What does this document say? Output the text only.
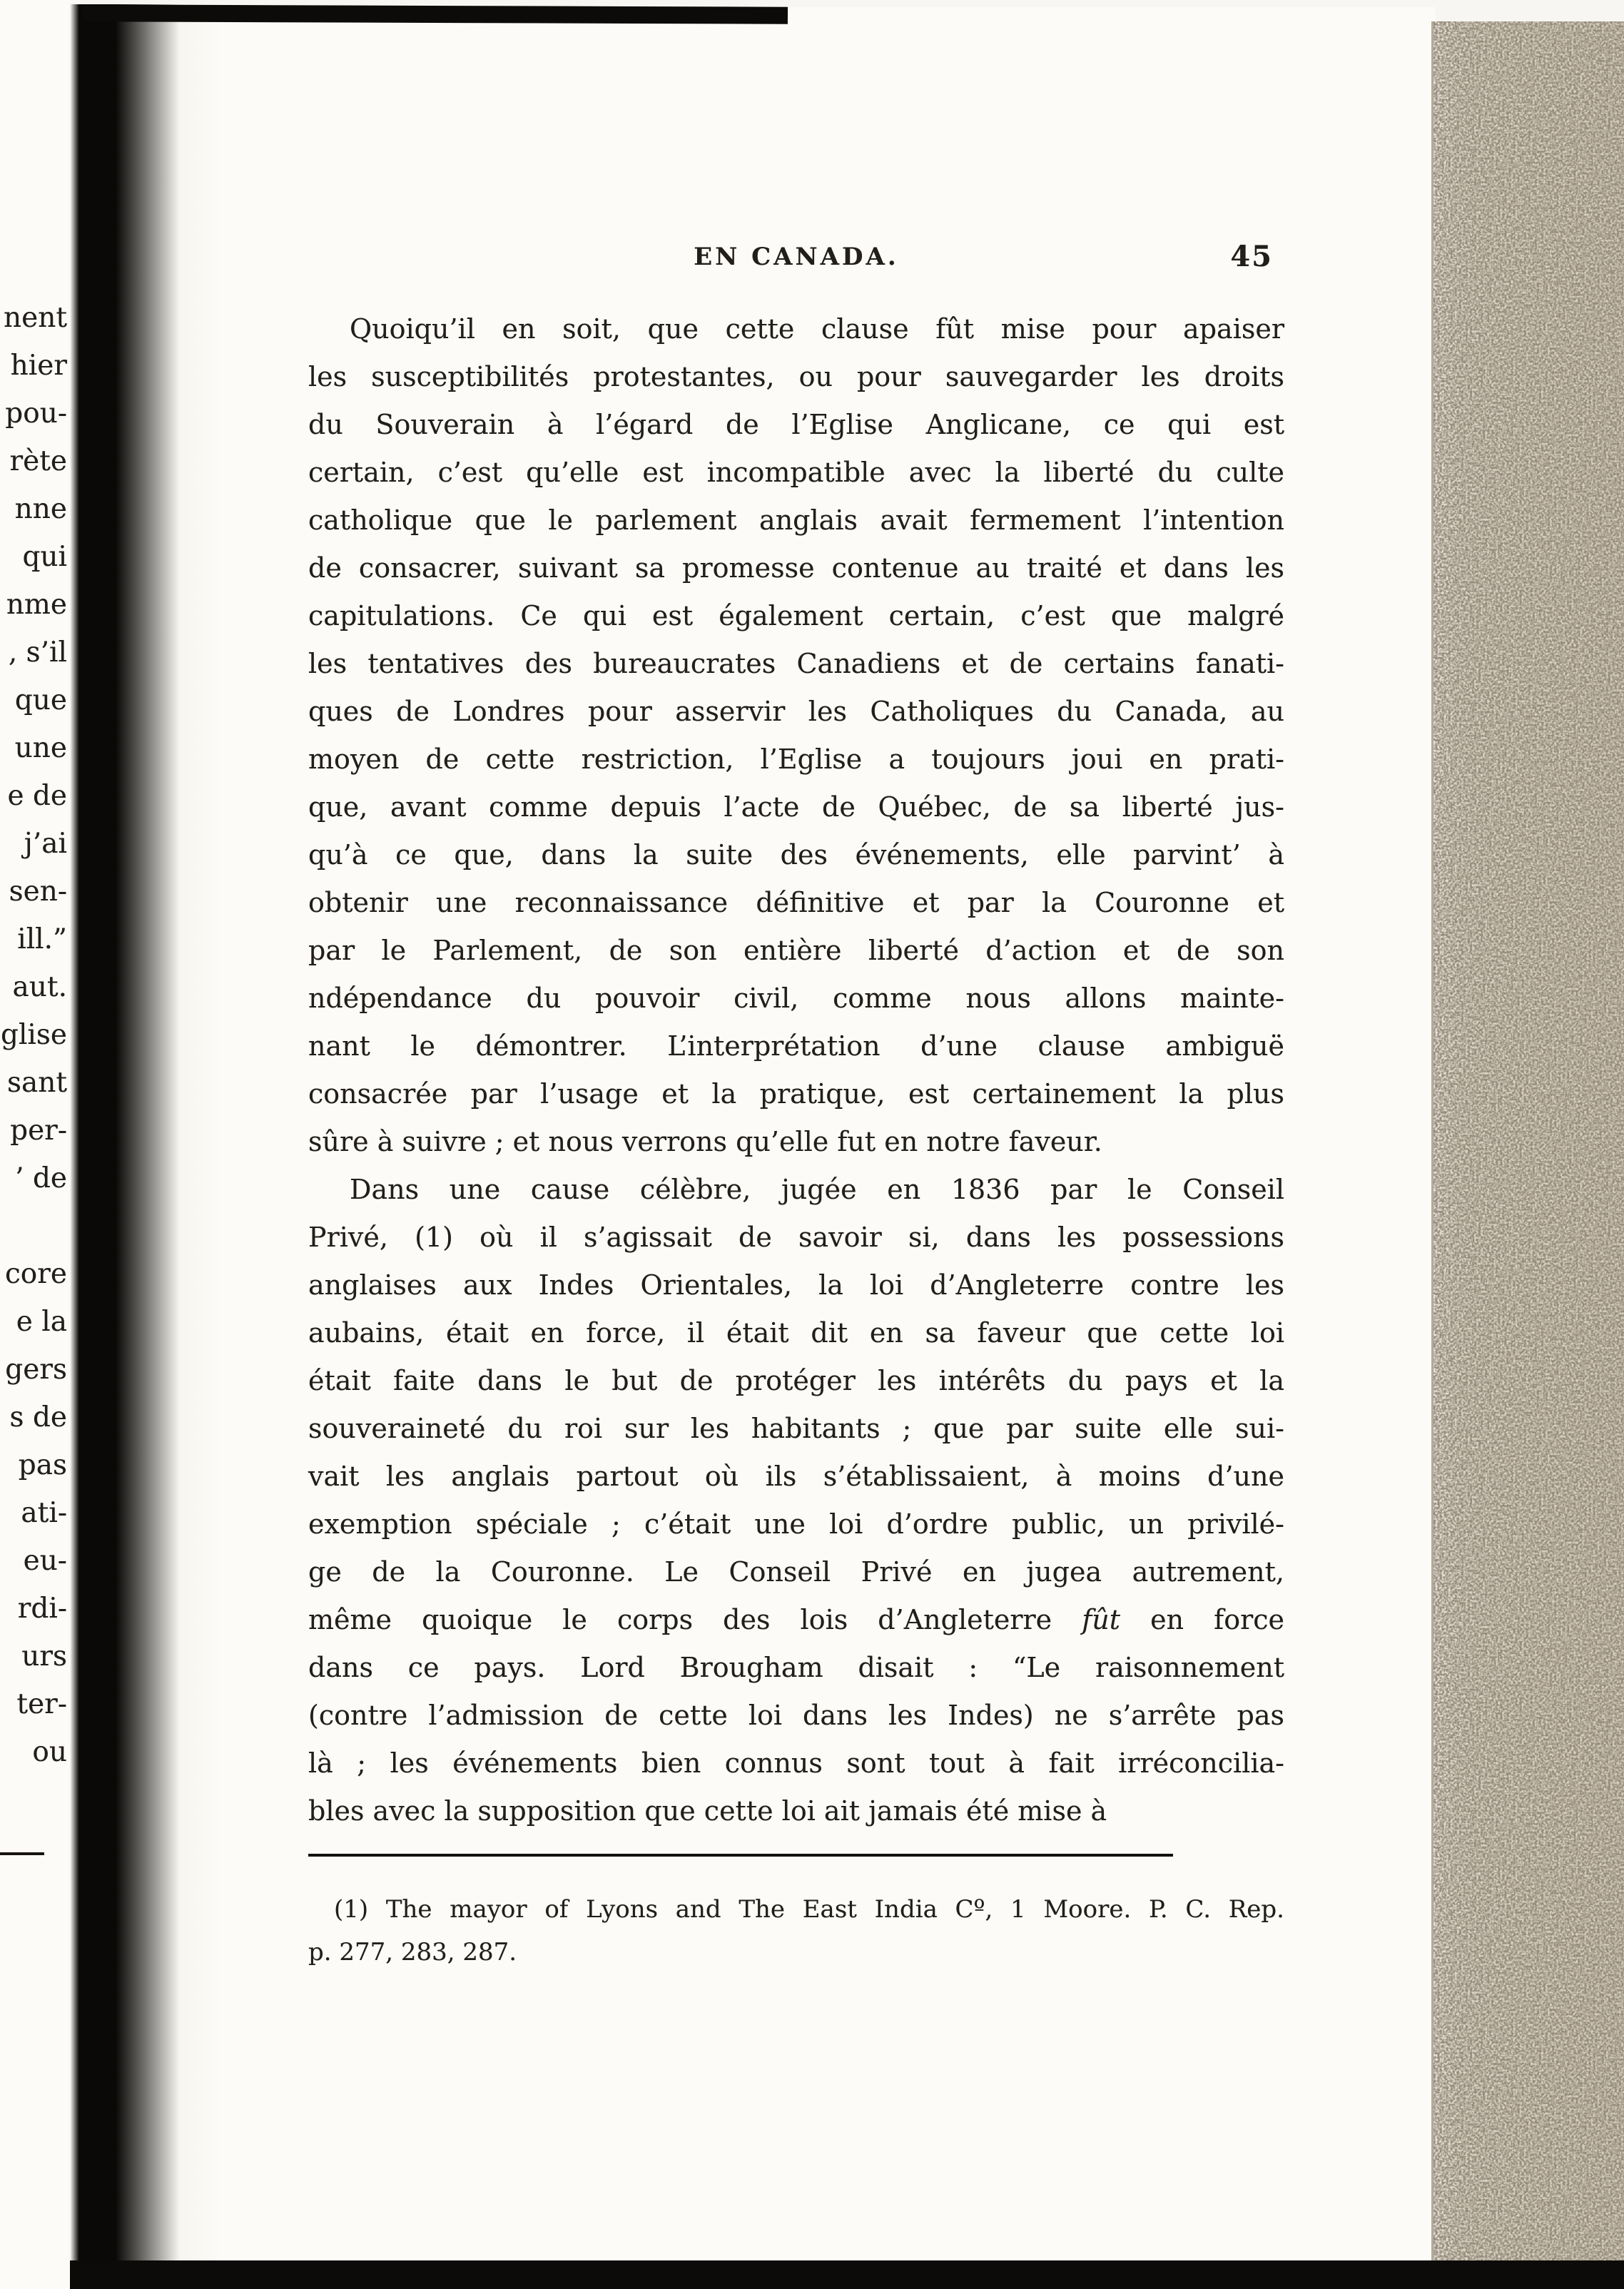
nent
hier
pou-
rète
nne
qui
nme
, s’il
que
une
e de
j’ai
sen-
ill.”
aut.
glise
sant
per-
’ de

core
e la
gers
s de
pas
ati-
eu-
rdi-
urs
ter-
ou
EN CANADA.	45
Quoiqu’il en soit, que cette clause fût mise pour apaiser
les susceptibilités protestantes, ou pour sauvegarder les droits
du Souverain à l’égard de l’Eglise Anglicane, ce qui est
certain, c’est qu’elle est incompatible avec la liberté du culte
catholique que le parlement anglais avait fermement l’intention
de consacrer, suivant sa promesse contenue au traité et dans les
capitulations. Ce qui est également certain, c’est que malgré
les tentatives des bureaucrates Canadiens et de certains fanati-
ques de Londres pour asservir les Catholiques du Canada, au
moyen de cette restriction, l’Eglise a toujours joui en prati-
que, avant comme depuis l’acte de Québec, de sa liberté jus-
qu’à ce que, dans la suite des événements, elle parvint’ à
obtenir une reconnaissance définitive et par la Couronne et
par le Parlement, de son entière liberté d’action et de son
ndépendance du pouvoir civil, comme nous allons mainte-
nant le démontrer. L’interprétation d’une clause ambiguë
consacrée par l’usage et la pratique, est certainement la plus
sûre à suivre ; et nous verrons qu’elle fut en notre faveur.
Dans une cause célèbre, jugée en 1836 par le Conseil
Privé, (1) où il s’agissait de savoir si, dans les possessions
anglaises aux Indes Orientales, la loi d’Angleterre contre les
aubains, était en force, il était dit en sa faveur que cette loi
était faite dans le but de protéger les intérêts du pays et la
souveraineté du roi sur les habitants ; que par suite elle sui-
vait les anglais partout où ils s’établissaient, à moins d’une
exemption spéciale ; c’était une loi d’ordre public, un privilé-
ge de la Couronne. Le Conseil Privé en jugea autrement,
même quoique le corps des lois d’Angleterre fût en force
dans ce pays. Lord Brougham disait : “Le raisonnement
(contre l’admission de cette loi dans les Indes) ne s’arrête pas
là ; les événements bien connus sont tout à fait irréconcilia-
bles avec la supposition que cette loi ait jamais été mise à
(1) The mayor of Lyons and The East India Cº, 1 Moore. P. C. Rep.
p. 277, 283, 287.
